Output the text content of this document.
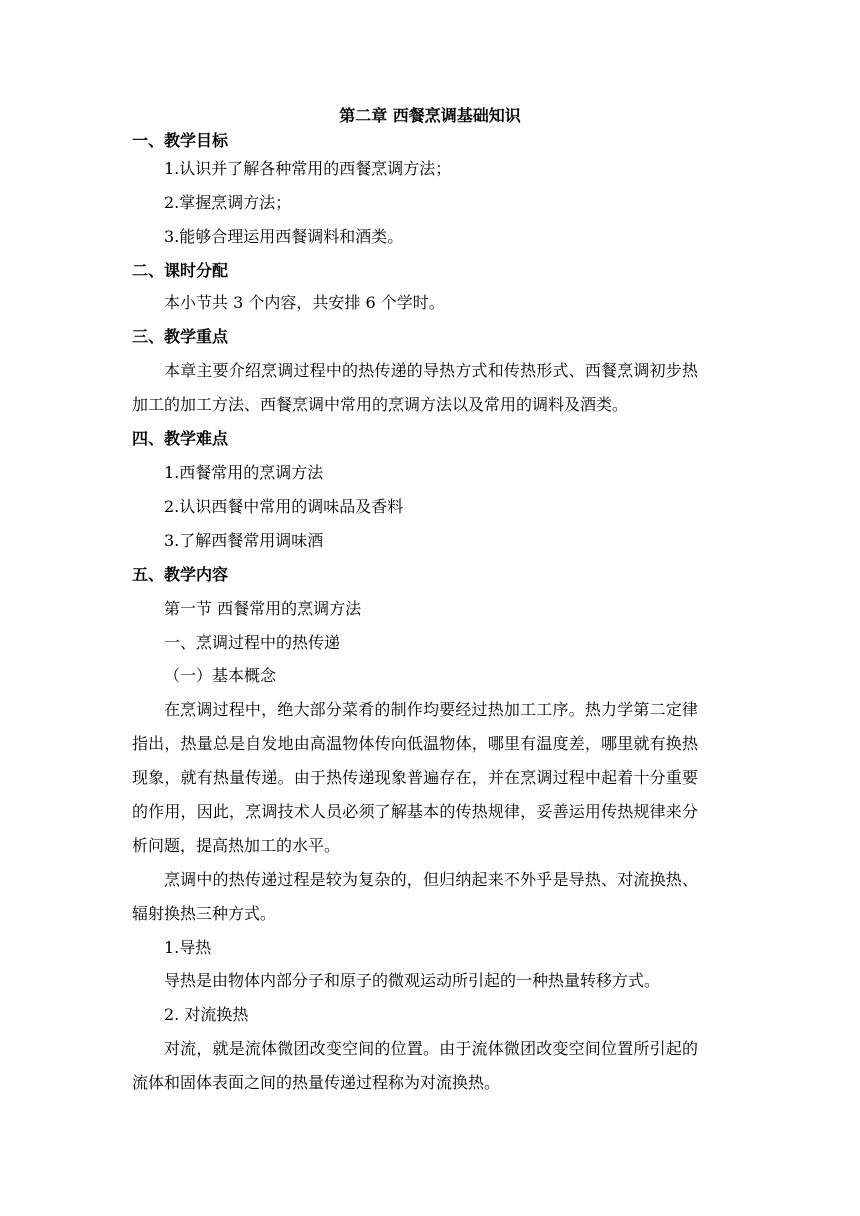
第二章 西餐烹调基础知识
一、教学目标
1.认识并了解各种常用的西餐烹调方法；
2.掌握烹调方法；
3.能够合理运用西餐调料和酒类。
二、课时分配
本小节共 3 个内容，共安排 6 个学时。
三、教学重点
本章主要介绍烹调过程中的热传递的导热方式和传热形式、西餐烹调初步热
加工的加工方法、西餐烹调中常用的烹调方法以及常用的调料及酒类。
四、教学难点
1.西餐常用的烹调方法
2.认识西餐中常用的调味品及香料
3.了解西餐常用调味酒
五、教学内容
第一节 西餐常用的烹调方法
一、烹调过程中的热传递
（一）基本概念
在烹调过程中，绝大部分菜肴的制作均要经过热加工工序。热力学第二定律
指出，热量总是自发地由高温物体传向低温物体，哪里有温度差，哪里就有换热
现象，就有热量传递。由于热传递现象普遍存在，并在烹调过程中起着十分重要
的作用，因此，烹调技术人员必须了解基本的传热规律，妥善运用传热规律来分
析问题，提高热加工的水平。
烹调中的热传递过程是较为复杂的，但归纳起来不外乎是导热、对流换热、
辐射换热三种方式。
1.导热
导热是由物体内部分子和原子的微观运动所引起的一种热量转移方式。
2. 对流换热
对流，就是流体微团改变空间的位置。由于流体微团改变空间位置所引起的
流体和固体表面之间的热量传递过程称为对流换热。
